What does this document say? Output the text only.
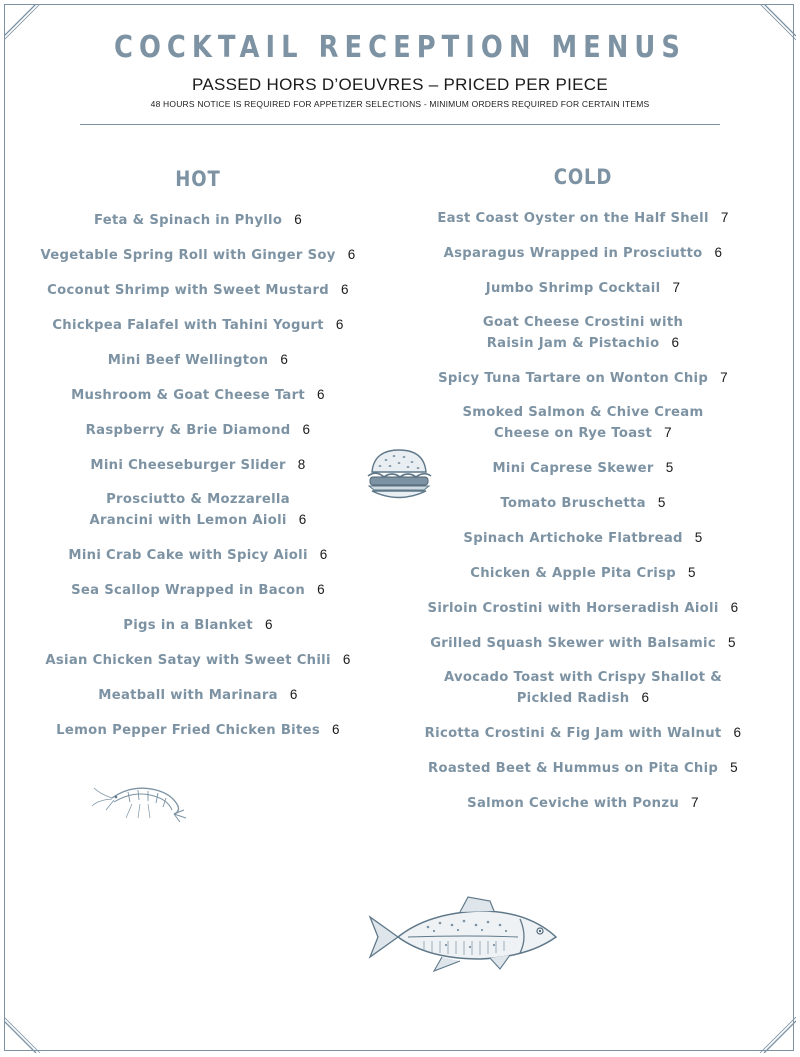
COCKTAIL RECEPTION MENUS
PASSED HORS D’OEUVRES – PRICED PER PIECE
48 HOURS NOTICE IS REQUIRED FOR APPETIZER SELECTIONS - MINIMUM ORDERS REQUIRED FOR CERTAIN ITEMS
HOT
Feta & Spinach in Phyllo 6
Vegetable Spring Roll with Ginger Soy 6
Coconut Shrimp with Sweet Mustard 6
Chickpea Falafel with Tahini Yogurt 6
Mini Beef Wellington 6
Mushroom & Goat Cheese Tart 6
Raspberry & Brie Diamond 6
Mini Cheeseburger Slider 8
Prosciutto & Mozzarella
Arancini with Lemon Aioli 6
Mini Crab Cake with Spicy Aioli 6
Sea Scallop Wrapped in Bacon 6
Pigs in a Blanket 6
Asian Chicken Satay with Sweet Chili 6
Meatball with Marinara 6
Lemon Pepper Fried Chicken Bites 6
COLD
East Coast Oyster on the Half Shell 7
Asparagus Wrapped in Prosciutto 6
Jumbo Shrimp Cocktail 7
Goat Cheese Crostini with
Raisin Jam & Pistachio 6
Spicy Tuna Tartare on Wonton Chip 7
Smoked Salmon & Chive Cream
Cheese on Rye Toast 7
Mini Caprese Skewer 5
Tomato Bruschetta 5
Spinach Artichoke Flatbread 5
Chicken & Apple Pita Crisp 5
Sirloin Crostini with Horseradish Aioli 6
Grilled Squash Skewer with Balsamic 5
Avocado Toast with Crispy Shallot &
Pickled Radish 6
Ricotta Crostini & Fig Jam with Walnut 6
Roasted Beet & Hummus on Pita Chip 5
Salmon Ceviche with Ponzu 7
